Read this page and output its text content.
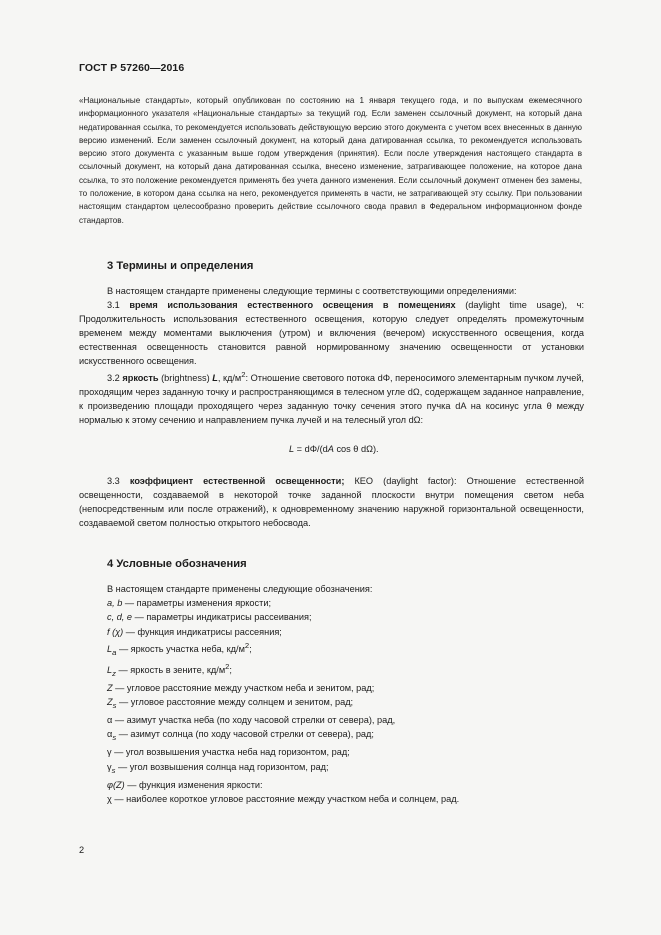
ГОСТ Р 57260—2016
«Национальные стандарты», который опубликован по состоянию на 1 января текущего года, и по выпускам ежемесячного информационного указателя «Национальные стандарты» за текущий год. Если заменен ссылочный документ, на который дана недатированная ссылка, то рекомендуется использовать действующую версию этого документа с учетом всех внесенных в данную версию изменений. Если заменен ссылочный документ, на который дана датированная ссылка, то рекомендуется использовать версию этого документа с указанным выше годом утверждения (принятия). Если после утверждения настоящего стандарта в ссылочный документ, на который дана датированная ссылка, внесено изменение, затрагивающее положение, на которое дана ссылка, то это положение рекомендуется применять без учета данного изменения. Если ссылочный документ отменен без замены, то положение, в котором дана ссылка на него, рекомендуется применять в части, не затрагивающей эту ссылку. При пользовании настоящим стандартом целесообразно проверить действие ссылочного свода правил в Федеральном информационном фонде стандартов.
3 Термины и определения

В настоящем стандарте применены следующие термины с соответствующими определениями:

3.1 время использования естественного освещения в помещениях (daylight time usage), ч: Продолжительность использования естественного освещения, которую следует определять промежуточным временем между моментами выключения (утром) и включения (вечером) искусственного освещения, когда естественная освещенность становится равной нормированному значению освещенности от установки искусственного освещения.

3.2 яркость (brightness) L, $кд/м^2$: Отношение светового потока dΦ, переносимого элементарным пучком лучей, проходящим через заданную точку и распространяющимся в телесном угле dΩ, содержащем заданное направление, к произведению площади проходящего через заданную точку сечения этого пучка dA на косинус угла θ между нормалью к этому сечению и направлением пучка лучей и на телесный угол dΩ:

L = dΦ/(dA cos θ dΩ).

3.3 коэффициент естественной освещенности; КЕО (daylight factor): Отношение естественной освещенности, создаваемой в некоторой точке заданной плоскости внутри помещения светом неба (непосредственным или после отражений), к одновременному значению наружной горизонтальной освещенности, создаваемой светом полностью открытого небосвода.

4 Условные обозначения
В настоящем стандарте применены следующие обозначения:
a, b — параметры изменения яркости;
c, d, e — параметры индикатрисы рассеивания;
f (χ) — функция индикатрисы рассеяния;
$L_a$ — яркость участка неба, $кд/м^2$;
$L_z$ — яркость в зените, $кд/м^2$;
Z — угловое расстояние между участком неба и зенитом, рад;
$Z_s$ — угловое расстояние между солнцем и зенитом, рад;
α — азимут участка неба (по ходу часовой стрелки от севера), рад,
$\alpha_s$ — азимут солнца (по ходу часовой стрелки от севера), рад;
γ — угол возвышения участка неба над горизонтом, рад;
$\gamma_s$ — угол возвышения солнца над горизонтом, рад;
φ(Z) — функция изменения яркости:
χ — наиболее короткое угловое расстояние между участком неба и солнцем, рад.
2
